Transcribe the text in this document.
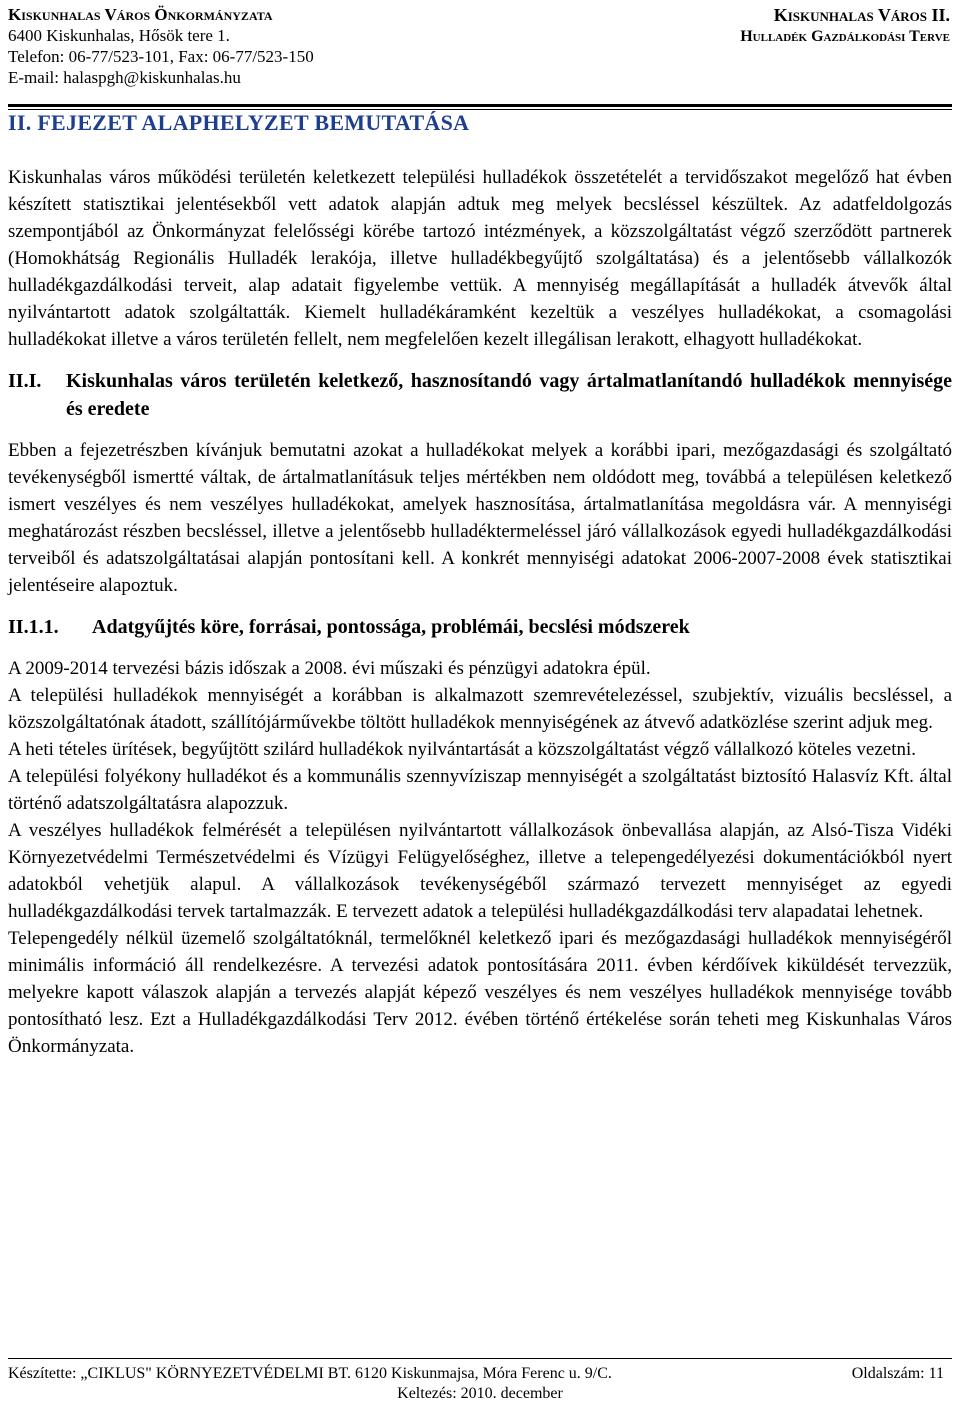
Kiskunhalas Város Önkormányzata
6400 Kiskunhalas, Hősök tere 1.
Telefon: 06-77/523-101, Fax: 06-77/523-150
E-mail: halaspgh@kiskunhalas.hu
Kiskunhalas Város II.
Hulladék Gazdálkodási Terve
II. FEJEZET ALAPHELYZET BEMUTATÁSA

Kiskunhalas város működési területén keletkezett települési hulladékok összetételét a tervidőszakot megelőző hat évben készített statisztikai jelentésekből vett adatok alapján adtuk meg melyek becsléssel készültek. Az adatfeldolgozás szempontjából az Önkormányzat felelősségi körébe tartozó intézmények, a közszolgáltatást végző szerződött partnerek (Homokhátság Regionális Hulladék lerakója, illetve hulladékbegyűjtő szolgáltatása) és a jelentősebb vállalkozók hulladékgazdálkodási terveit, alap adatait figyelembe vettük. A mennyiség megállapítását a hulladék átvevők által nyilvántartott adatok szolgáltatták. Kiemelt hulladékáramként kezeltük a veszélyes hulladékokat, a csomagolási hulladékokat illetve a város területén fellelt, nem megfelelően kezelt illegálisan lerakott, elhagyott hulladékokat.

II.I.	Kiskunhalas város területén keletkező, hasznosítandó vagy ártalmatlanítandó hulladékok mennyisége és eredete

Ebben a fejezetrészben kívánjuk bemutatni azokat a hulladékokat melyek a korábbi ipari, mezőgazdasági és szolgáltató tevékenységből ismertté váltak, de ártalmatlanításuk teljes mértékben nem oldódott meg, továbbá a településen keletkező ismert veszélyes és nem veszélyes hulladékokat, amelyek hasznosítása, ártalmatlanítása megoldásra vár. A mennyiségi meghatározást részben becsléssel, illetve a jelentősebb hulladéktermeléssel járó vállalkozások egyedi hulladékgazdálkodási terveiből és adatszolgáltatásai alapján pontosítani kell. A konkrét mennyiségi adatokat 2006-2007-2008 évek statisztikai jelentéseire alapoztuk.

II.1.1.	Adatgyűjtés köre, forrásai, pontossága, problémái, becslési módszerek

A 2009-2014 tervezési bázis időszak a 2008. évi műszaki és pénzügyi adatokra épül.

A települési hulladékok mennyiségét a korábban is alkalmazott szemrevételezéssel, szubjektív, vizuális becsléssel, a közszolgáltatónak átadott, szállítójárművekbe töltött hulladékok mennyiségének az átvevő adatközlése szerint adjuk meg.

A heti tételes ürítések, begyűjtött szilárd hulladékok nyilvántartását a közszolgáltatást végző vállalkozó köteles vezetni.

A települési folyékony hulladékot és a kommunális szennyvíziszap mennyiségét a szolgáltatást biztosító Halasvíz Kft. által történő adatszolgáltatásra alapozzuk.

A veszélyes hulladékok felmérését a településen nyilvántartott vállalkozások önbevallása alapján, az Alsó-Tisza Vidéki Környezetvédelmi Természetvédelmi és Vízügyi Felügyelőséghez, illetve a telepengedélyezési dokumentációkból nyert adatokból vehetjük alapul. A vállalkozások tevékenységéből származó tervezett mennyiséget az egyedi hulladékgazdálkodási tervek tartalmazzák. E tervezett adatok a települési hulladékgazdálkodási terv alapadatai lehetnek.

Telepengedély nélkül üzemelő szolgáltatóknál, termelőknél keletkező ipari és mezőgazdasági hulladékok mennyiségéről minimális információ áll rendelkezésre. A tervezési adatok pontosítására 2011. évben kérdőívek kiküldését tervezzük, melyekre kapott válaszok alapján a tervezés alapját képező veszélyes és nem veszélyes hulladékok mennyisége tovább pontosítható lesz. Ezt a Hulladékgazdálkodási Terv 2012. évében történő értékelése során teheti meg Kiskunhalas Város Önkormányzata.

Készítette: „CIKLUS" KÖRNYEZETVÉDELMI BT. 6120 Kiskunmajsa, Móra Ferenc u. 9/C.	Oldalszám: 11
Keltezés: 2010. december
